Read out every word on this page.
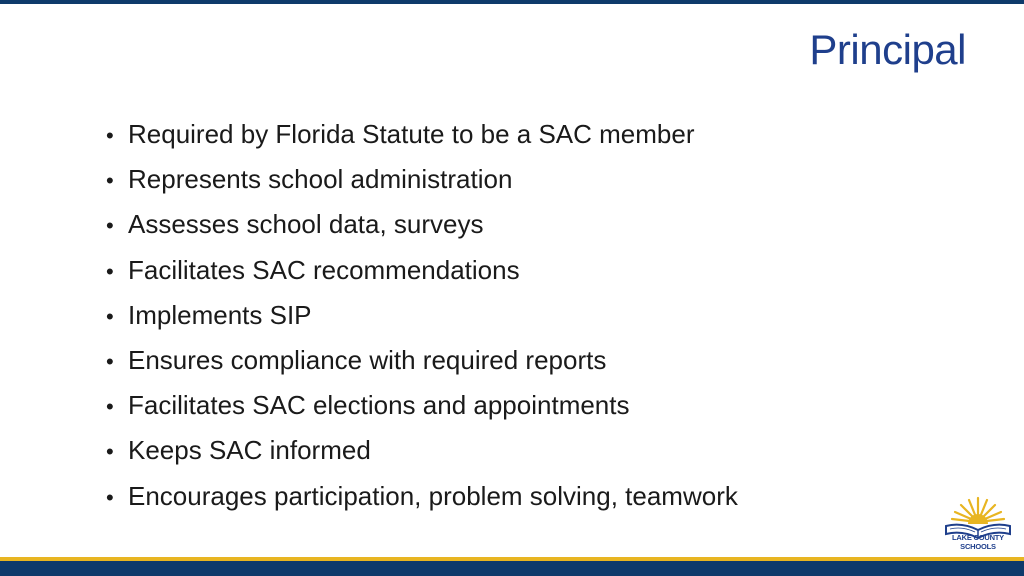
Principal
• Required by Florida Statute to be a SAC member
• Represents school administration
• Assesses school data, surveys
• Facilitates SAC recommendations
• Implements SIP
• Ensures compliance with required reports
• Facilitates SAC elections and appointments
• Keeps SAC informed
• Encourages participation, problem solving, teamwork
LAKE COUNTY SCHOOLS
